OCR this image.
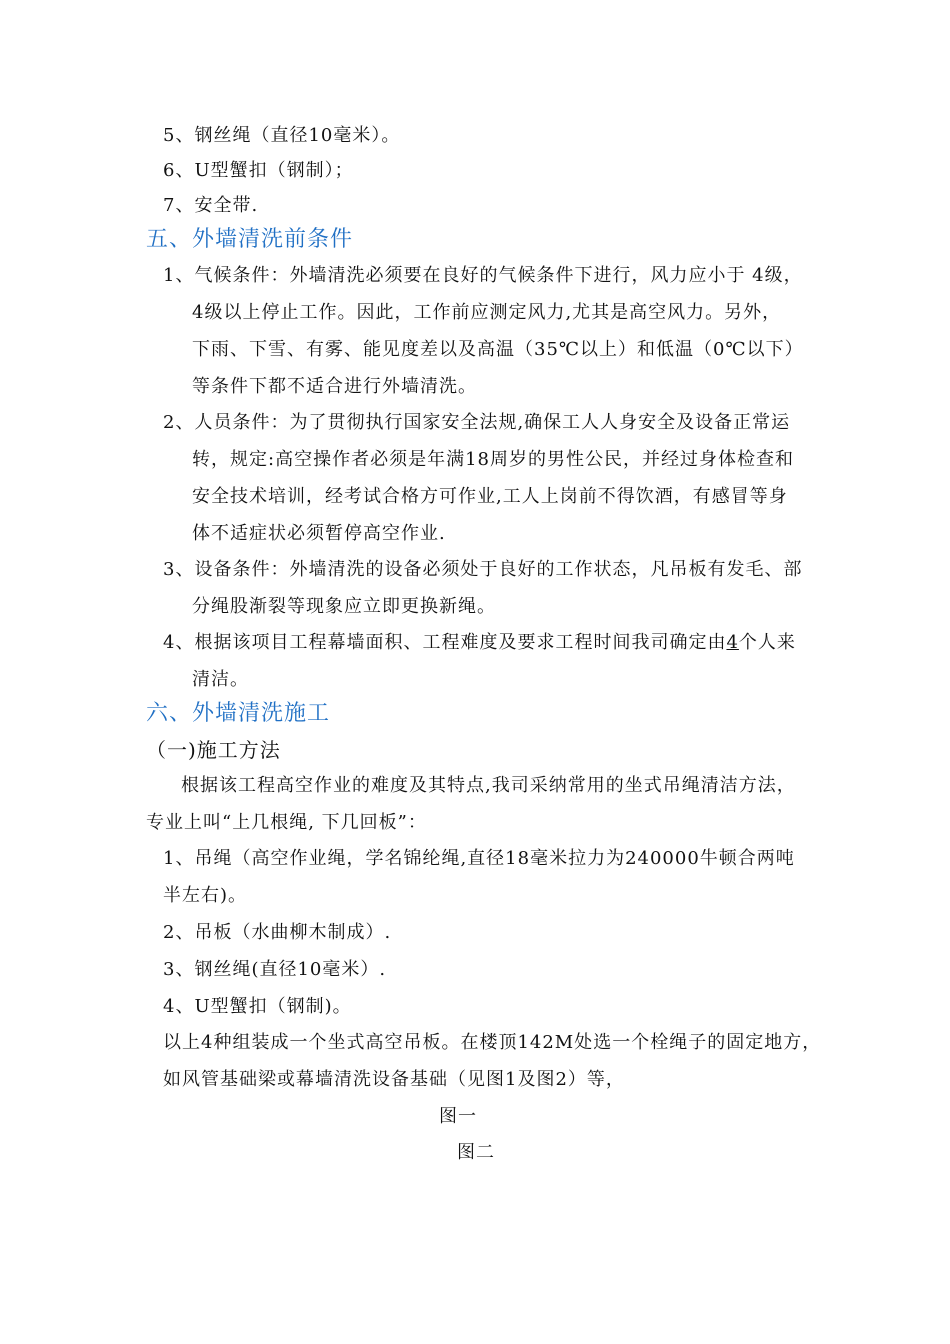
5、钢丝绳（直径10毫米）。
6、U型蟹扣（钢制）；
7、安全带.
五、外墙清洗前条件
1、气候条件：外墙清洗必须要在良好的气候条件下进行，风力应小于 4级，
4级以上停止工作。因此，工作前应测定风力,尤其是高空风力。另外，
下雨、下雪、有雾、能见度差以及高温（35℃以上）和低温（0℃以下）
等条件下都不适合进行外墙清洗。
2、人员条件：为了贯彻执行国家安全法规,确保工人人身安全及设备正常运
转，规定:高空操作者必须是年满18周岁的男性公民，并经过身体检查和
安全技术培训，经考试合格方可作业,工人上岗前不得饮酒，有感冒等身
体不适症状必须暂停高空作业.
3、设备条件：外墙清洗的设备必须处于良好的工作状态，凡吊板有发毛、部
分绳股渐裂等现象应立即更换新绳。
4、根据该项目工程幕墙面积、工程难度及要求工程时间我司确定由4个人来
清洁。
六、外墙清洗施工
（一)施工方法
根据该工程高空作业的难度及其特点,我司采纳常用的坐式吊绳清洁方法，
专业上叫“上几根绳, 下几回板”：
1、吊绳（高空作业绳，学名锦纶绳,直径18毫米拉力为240000牛顿合两吨
半左右)。
2、吊板（水曲柳木制成）.
3、钢丝绳(直径10毫米）.
4、U型蟹扣（钢制)。
以上4种组装成一个坐式高空吊板。在楼顶142M处选一个栓绳子的固定地方，
如风管基础梁或幕墙清洗设备基础（见图1及图2）等，
图一
图二
